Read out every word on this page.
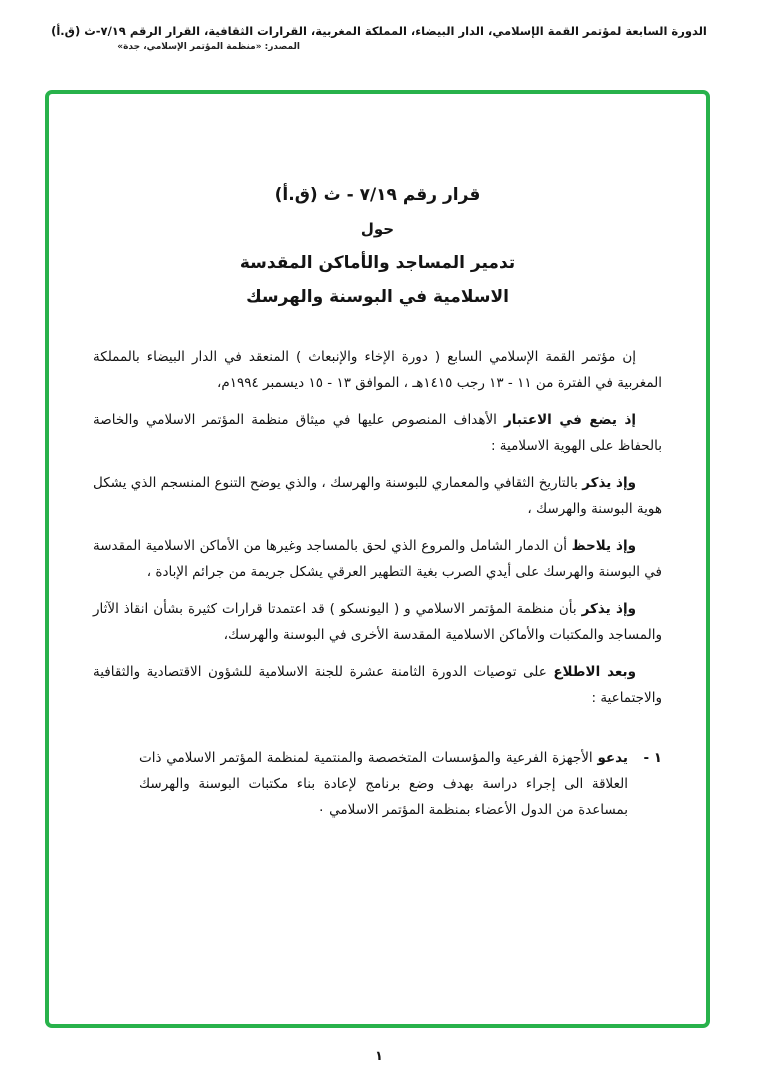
الدورة السابعة لمؤتمر القمة الإسلامي، الدار البيضاء، المملكة المغربية، القرارات الثقافية، القرار الرقم ٧/١٩-ث (ق.أ)
المصدر: «منظمة المؤتمر الإسلامي، جدة»
قرار رقم ٧/١٩ - ث (ق.أ)
حول
تدمير المساجد والأماكن المقدسة
الاسلامية في البوسنة والهرسك

إن مؤتمر القمة الإسلامي السابع ( دورة الإخاء والإنبعاث ) المنعقد في الدار البيضاء بالمملكة المغربية في الفترة من ١١ - ١٣ رجب ١٤١٥هـ ، الموافق ١٣ - ١٥ ديسمبر ١٩٩٤م،

إذ يضع في الاعتبار الأهداف المنصوص عليها في ميثاق منظمة المؤتمر الاسلامي والخاصة بالحفاظ على الهوية الاسلامية :

وإذ يذكر بالتاريخ الثقافي والمعماري للبوسنة والهرسك ، والذي يوضح التنوع المنسجم الذي يشكل هوية البوسنة والهرسك ،

وإذ يلاحظ أن الدمار الشامل والمروع الذي لحق بالمساجد وغيرها من الأماكن الاسلامية المقدسة في البوسنة والهرسك على أيدي الصرب بغية التطهير العرقي يشكل جريمة من جرائم الإبادة ،

وإذ يذكر بأن منظمة المؤتمر الاسلامي و ( اليونسكو ) قد اعتمدتا قرارات كثيرة بشأن انقاذ الآثار والمساجد والمكتبات والأماكن الاسلامية المقدسة الأخرى في البوسنة والهرسك،

وبعد الاطلاع على توصيات الدورة الثامنة عشرة للجنة الاسلامية للشؤون الاقتصادية والثقافية والاجتماعية :

١ -
يدعو الأجهزة الفرعية والمؤسسات المتخصصة والمنتمية لمنظمة المؤتمر الاسلامي ذات العلاقة الى إجراء دراسة بهدف وضع برنامج لإعادة بناء مكتبات البوسنة والهرسك بمساعدة من الدول الأعضاء بمنظمة المؤتمر الاسلامي ٠
١
